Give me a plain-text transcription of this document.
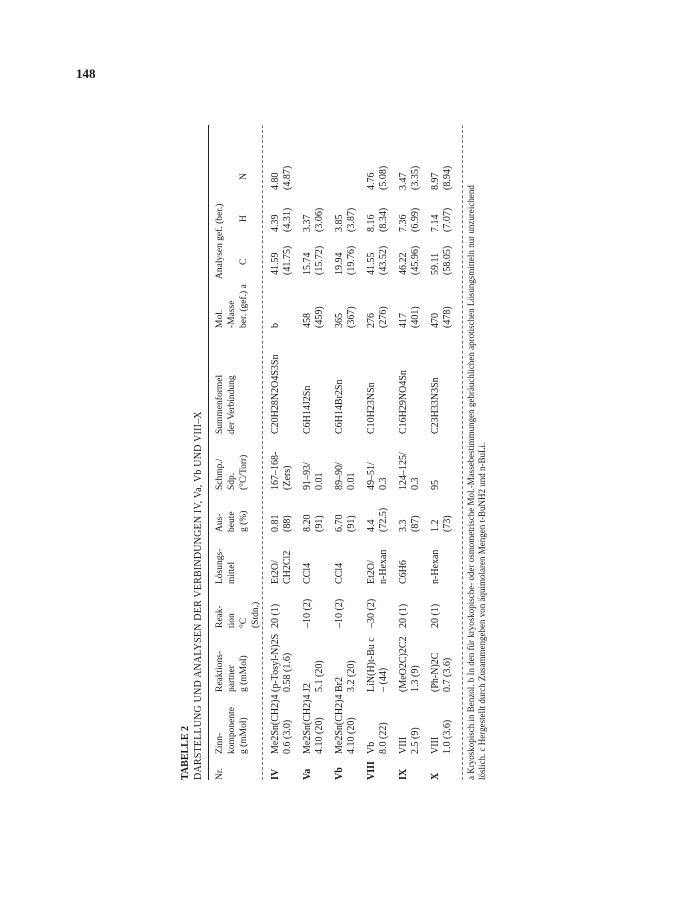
148
TABELLE 2 DARSTELLUNG UND ANALYSEN DER VERBINDUNGEN IV, Va, Vb UND VIII–X Nr.
Zinn- komponente g (mMol)
Reaktions- partner g (mMol)
Reak- tion °C (Stdn.)
Lösungs- mittel
Aus- beute g (%)
Schmp./ Sdp. (°C/Torr)
Summenformel der Verbindung
Mol. -Masse ber. (gef.) a
Analysen gef. (ber.) C
H
N
IV
Me2Sn(CH2)4 0.6 (3.0)
(p-Tosyl-N)2S 0.58 (1.6)
20 (1)
Et2O/ CH2Cl2
0.81 (88)
167–168- (Zers)
C20H28N2O4S3Sn
b
41.59 (41.75)
4.39 (4.31)
4.80 (4.87)
Va
Me2Sn(CH2)4 4.10 (20)
J2 5.1 (20)
–10 (2)
CCl4
8.20 (91)
91–93/ 0.01
C6H14J2Sn
458 (459)
15.74 (15.72)
3.37 (3.06)
Vb
Me2Sn(CH2)4 4.10 (20)
Br2 3.2 (20)
–10 (2)
CCl4
6.70 (91)
89–90/ 0.01
C6H14Br2Sn
365 (367)
19.94 (19.76)
3.85 (3.87)
VIII
Vb 8.0 (22)
LiN(H)t-Bu c – (44)
–30 (2)
Et2O/ n-Hexan
4.4 (72.5)
49–51/ 0.3
C10H23NSn
276 (276)
41.55 (43.52)
8.16 (8.34)
4.76 (5.08)
IX
VIII 2.5 (9)
(MeO2C)2C2 1.3 (9)
20 (1)
C6H6
3.3 (87)
124–125/ 0.3
C16H29NO4Sn
417 (401)
46.22 (45.96)
7.36 (6.99)
3.47 (3.35)
X
VIII 1.0 (3.6)
(Ph-N)2C 0.7 (3.6)
20 (1)
n-Hexan
1.2 (73)
95
C23H33N3Sn
470 (478)
59.11 (58.05)
7.14 (7.07)
8.97 (8.94)
a Kryoskopisch in Benzol. b In den für kryoskopische- oder osmometrische Mol.-Massebestimmungen gebräuchlichen aprotischen Lösungsmitteln nur unzureichend löslich. c Hergestellt durch Zusammengeben von äquimolaren Mengen t-BuNH2 und n-BuLi.
